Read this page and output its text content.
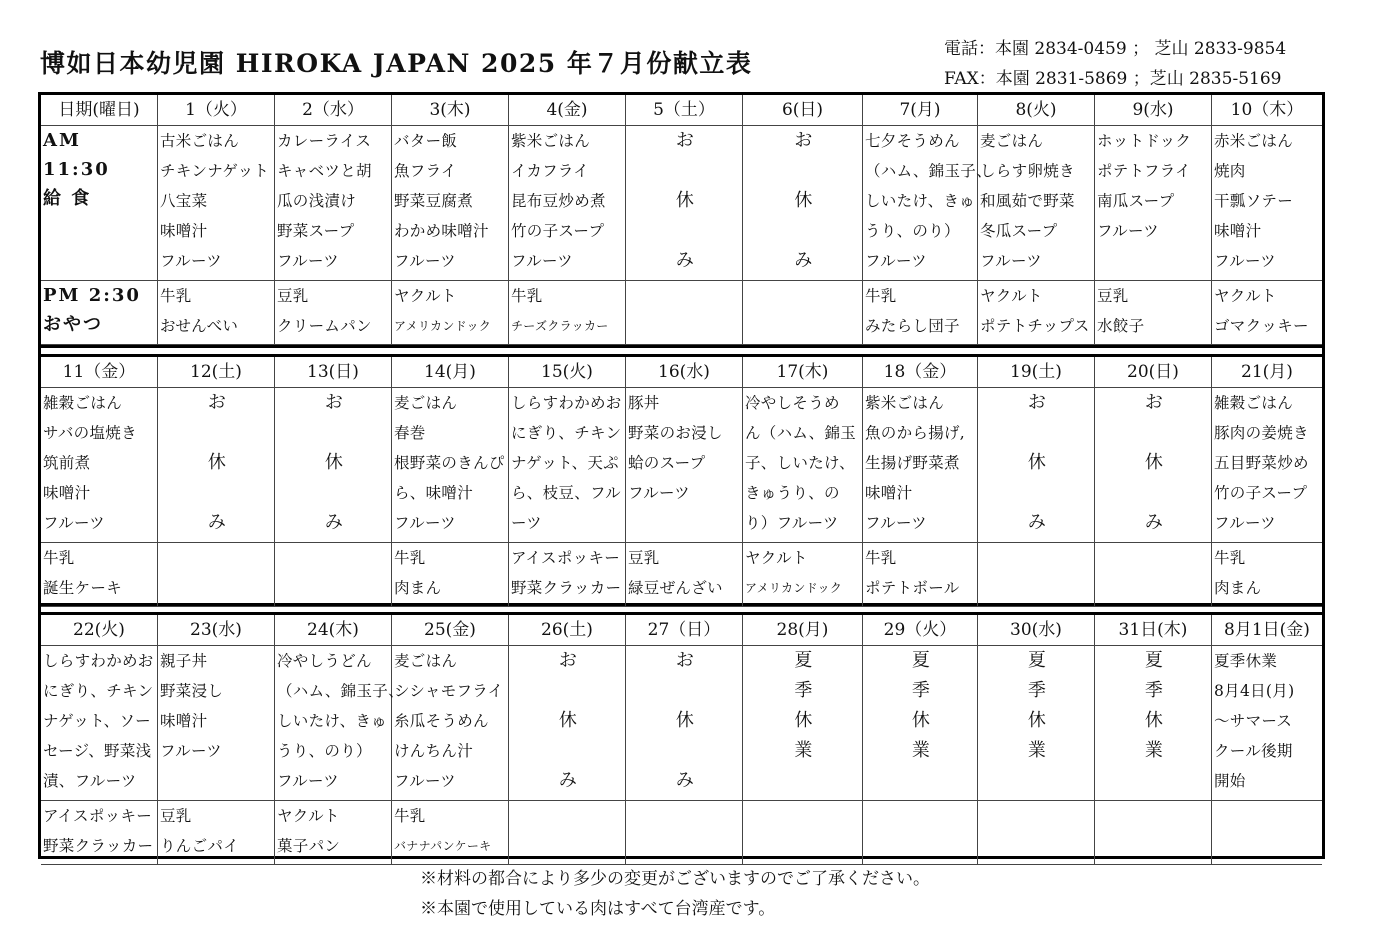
博如日本幼児園 HIROKA JAPAN 2025 年７月份献立表	電話：本園 2834-0459 ； 芝山 2833-9854
FAX：本園 2831-5869 ；芝山 2835-5169
日期(曜日)
AM
11:30
給 食
PM 2:30
おやつ
1（火）
古米ごはん
チキンナゲット
八宝菜
味噌汁
フルーツ
牛乳
おせんべい
2（水）
カレーライス
キャベツと胡
瓜の浅漬け
野菜スープ
フルーツ
豆乳
クリームパン
3(木)
バター飯
魚フライ
野菜豆腐煮
わかめ味噌汁
フルーツ
ヤクルト
アメリカンドック
4(金)
紫米ごはん
イカフライ
昆布豆炒め煮
竹の子スープ
フルーツ
牛乳
チーズクラッカー
5（土）
お
休
み
6(日)
お
休
み
7(月)
七夕そうめん
（ハム、錦玉子、
しいたけ、きゅ
うり、のり）
フルーツ
牛乳
みたらし団子
8(火)
麦ごはん
しらす卵焼き
和風茹で野菜
冬瓜スープ
フルーツ
ヤクルト
ポテトチップス
9(水)
ホットドック
ポテトフライ
南瓜スープ
フルーツ
豆乳
水餃子
10（木）
赤米ごはん
焼肉
干瓢ソテー
味噌汁
フルーツ
ヤクルト
ゴマクッキー
11（金）
雑穀ごはん
サバの塩焼き
筑前煮
味噌汁
フルーツ
牛乳
誕生ケーキ
12(土)
お
休
み
13(日)
お
休
み
14(月)
麦ごはん
春巻
根野菜のきんぴ
ら、味噌汁
フルーツ
牛乳
肉まん
15(火)
しらすわかめお
にぎり、チキン
ナゲット、天ぷ
ら、枝豆、フル
ーツ
アイスポッキー
野菜クラッカー
16(水)
豚丼
野菜のお浸し
蛤のスープ
フルーツ
豆乳
緑豆ぜんざい
17(木)
冷やしそうめ
ん（ハム、錦玉
子、しいたけ、
きゅうり、の
り）フルーツ
ヤクルト
アメリカンドック
18（金）
紫米ごはん
魚のから揚げ,
生揚げ野菜煮
味噌汁
フルーツ
牛乳
ポテトボール
19(土)
お
休
み
20(日)
お
休
み
21(月)
雑穀ごはん
豚肉の姜焼き
五目野菜炒め
竹の子スープ
フルーツ
牛乳
肉まん
22(火)
しらすわかめお
にぎり、チキン
ナゲット、ソー
セージ、野菜浅
漬、フルーツ
アイスポッキー
野菜クラッカー
23(水)
親子丼
野菜浸し
味噌汁
フルーツ
豆乳
りんごパイ
24(木)
冷やしうどん
（ハム、錦玉子、
しいたけ、きゅ
うり、のり）
フルーツ
ヤクルト
菓子パン
25(金)
麦ごはん
シシャモフライ
糸瓜そうめん
けんちん汁
フルーツ
牛乳
バナナパンケーキ
26(土)
お
休
み
27（日）
お
休
み
28(月)
夏
季
休
業
29（火）
夏
季
休
業
30(水)
夏
季
休
業
31日(木)
夏
季
休
業
8月1日(金)
夏季休業
8月4日(月)
～サマース
クール後期
開始
※材料の都合により多少の変更がございますのでご了承ください。
※本園で使用している肉はすべて台湾産です。
